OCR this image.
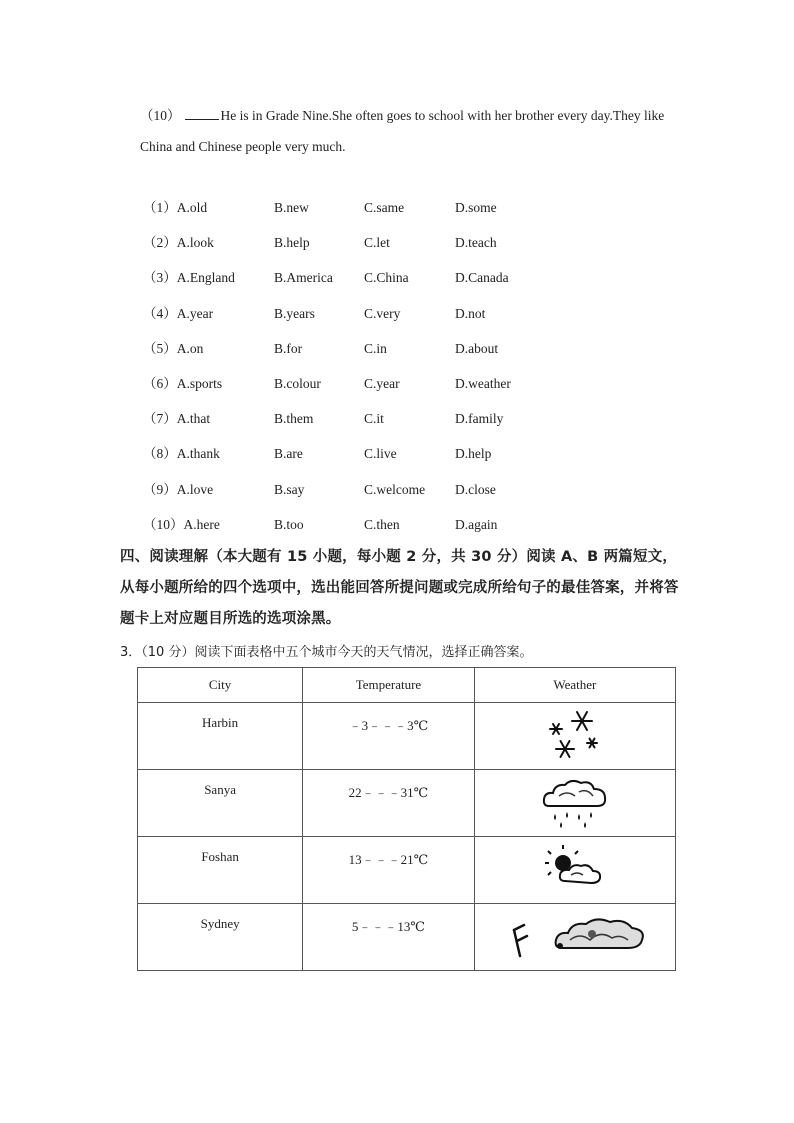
（10）	He is in Grade Nine.She often goes to school with her brother every day.They like China and Chinese people very much.
（1）A.old	B.new	C.same	D.some
（2）A.look	B.help	C.let	D.teach
（3）A.England	B.America C.China	D.Canada
（4）A.year	B.years	C.very	D.not
（5）A.on	B.for	C.in	D.about
（6）A.sports	B.colour	C.year	D.weather
（7）A.that	B.them	C.it	D.family
（8）A.thank	B.are	C.live	D.help
（9）A.love	B.say	C.welcome D.close
（10）A.here	B.too	C.then	D.again
四、阅读理解（本大题有 15 小题，每小题 2 分，共 30 分）阅读 A、B 两篇短文，从每小题所给的四个选项中，选出能回答所提问题或完成所给句子的最佳答案，并将答题卡上对应题目所选的选项涂黑。
3．（10 分）阅读下面表格中五个城市今天的天气情况，选择正确答案。
City	Temperature	Weather

Harbin	﹣3﹣﹣﹣3℃

Sanya	22﹣﹣﹣31℃

Foshan	13﹣﹣﹣21℃

Sydney	5﹣﹣﹣13℃
